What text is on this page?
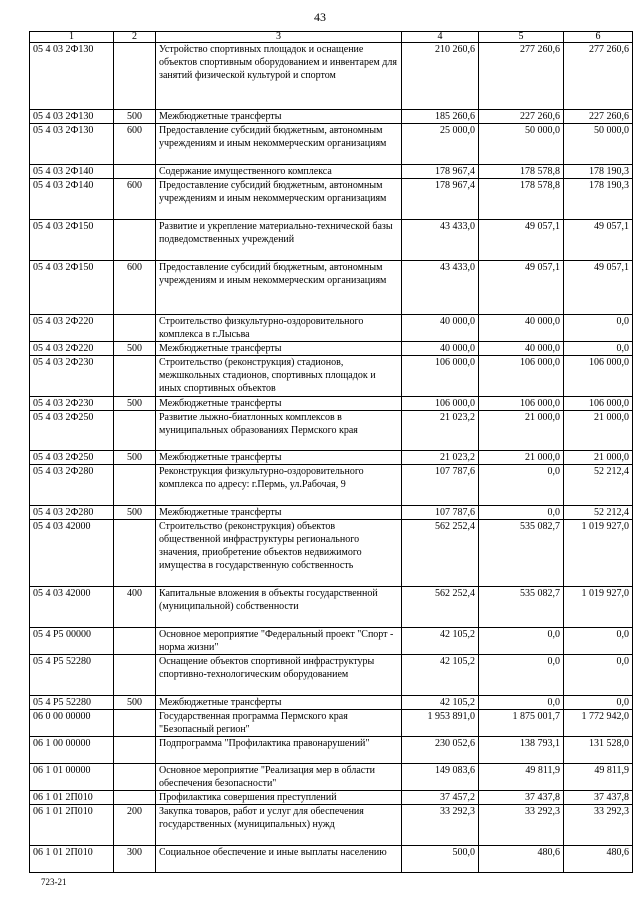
43
1	2	3	4	5	6
05 4 03 2Ф130		Устройство спортивных площадок и оснащение объектов спортивным оборудованием и инвентарем для занятий физической культурой и спортом	210 260,6	277 260,6	277 260,6
05 4 03 2Ф130	500	Межбюджетные трансферты	185 260,6	227 260,6	227 260,6
05 4 03 2Ф130	600	Предоставление субсидий бюджетным, автономным учреждениям и иным некоммерческим организациям	25 000,0	50 000,0	50 000,0
05 4 03 2Ф140		Содержание имущественного комплекса	178 967,4	178 578,8	178 190,3
05 4 03 2Ф140	600	Предоставление субсидий бюджетным, автономным учреждениям и иным некоммерческим организациям	178 967,4	178 578,8	178 190,3
05 4 03 2Ф150		Развитие и укрепление материально-технической базы подведомственных учреждений	43 433,0	49 057,1	49 057,1
05 4 03 2Ф150	600	Предоставление субсидий бюджетным, автономным учреждениям и иным некоммерческим организациям	43 433,0	49 057,1	49 057,1
05 4 03 2Ф220		Строительство физкультурно-оздоровительного комплекса в г.Лысьва	40 000,0	40 000,0	0,0
05 4 03 2Ф220	500	Межбюджетные трансферты	40 000,0	40 000,0	0,0
05 4 03 2Ф230		Строительство (реконструкция) стадионов, межшкольных стадионов, спортивных площадок и иных спортивных объектов	106 000,0	106 000,0	106 000,0
05 4 03 2Ф230	500	Межбюджетные трансферты	106 000,0	106 000,0	106 000,0
05 4 03 2Ф250		Развитие лыжно-биатлонных комплексов в муниципальных образованиях Пермского края	21 023,2	21 000,0	21 000,0
05 4 03 2Ф250	500	Межбюджетные трансферты	21 023,2	21 000,0	21 000,0
05 4 03 2Ф280		Реконструкция физкультурно-оздоровительного комплекса по адресу: г.Пермь, ул.Рабочая, 9	107 787,6	0,0	52 212,4
05 4 03 2Ф280	500	Межбюджетные трансферты	107 787,6	0,0	52 212,4
05 4 03 42000		Строительство (реконструкция) объектов общественной инфраструктуры регионального значения, приобретение объектов недвижимого имущества в государственную собственность	562 252,4	535 082,7	1 019 927,0
05 4 03 42000	400	Капитальные вложения в объекты государственной (муниципальной) собственности	562 252,4	535 082,7	1 019 927,0
05 4 P5 00000		Основное мероприятие "Федеральный проект "Спорт - норма жизни"	42 105,2	0,0	0,0
05 4 P5 52280		Оснащение объектов спортивной инфраструктуры спортивно-технологическим оборудованием	42 105,2	0,0	0,0
05 4 P5 52280	500	Межбюджетные трансферты	42 105,2	0,0	0,0
06 0 00 00000		Государственная программа Пермского края "Безопасный регион"	1 953 891,0	1 875 001,7	1 772 942,0
06 1 00 00000		Подпрограмма "Профилактика правонарушений"	230 052,6	138 793,1	131 528,0
06 1 01 00000		Основное мероприятие "Реализация мер в области обеспечения безопасности"	149 083,6	49 811,9	49 811,9
06 1 01 2П010		Профилактика совершения преступлений	37 457,2	37 437,8	37 437,8
06 1 01 2П010	200	Закупка товаров, работ и услуг для обеспечения государственных (муниципальных) нужд	33 292,3	33 292,3	33 292,3
06 1 01 2П010	300	Социальное обеспечение и иные выплаты населению	500,0	480,6	480,6
723-21
